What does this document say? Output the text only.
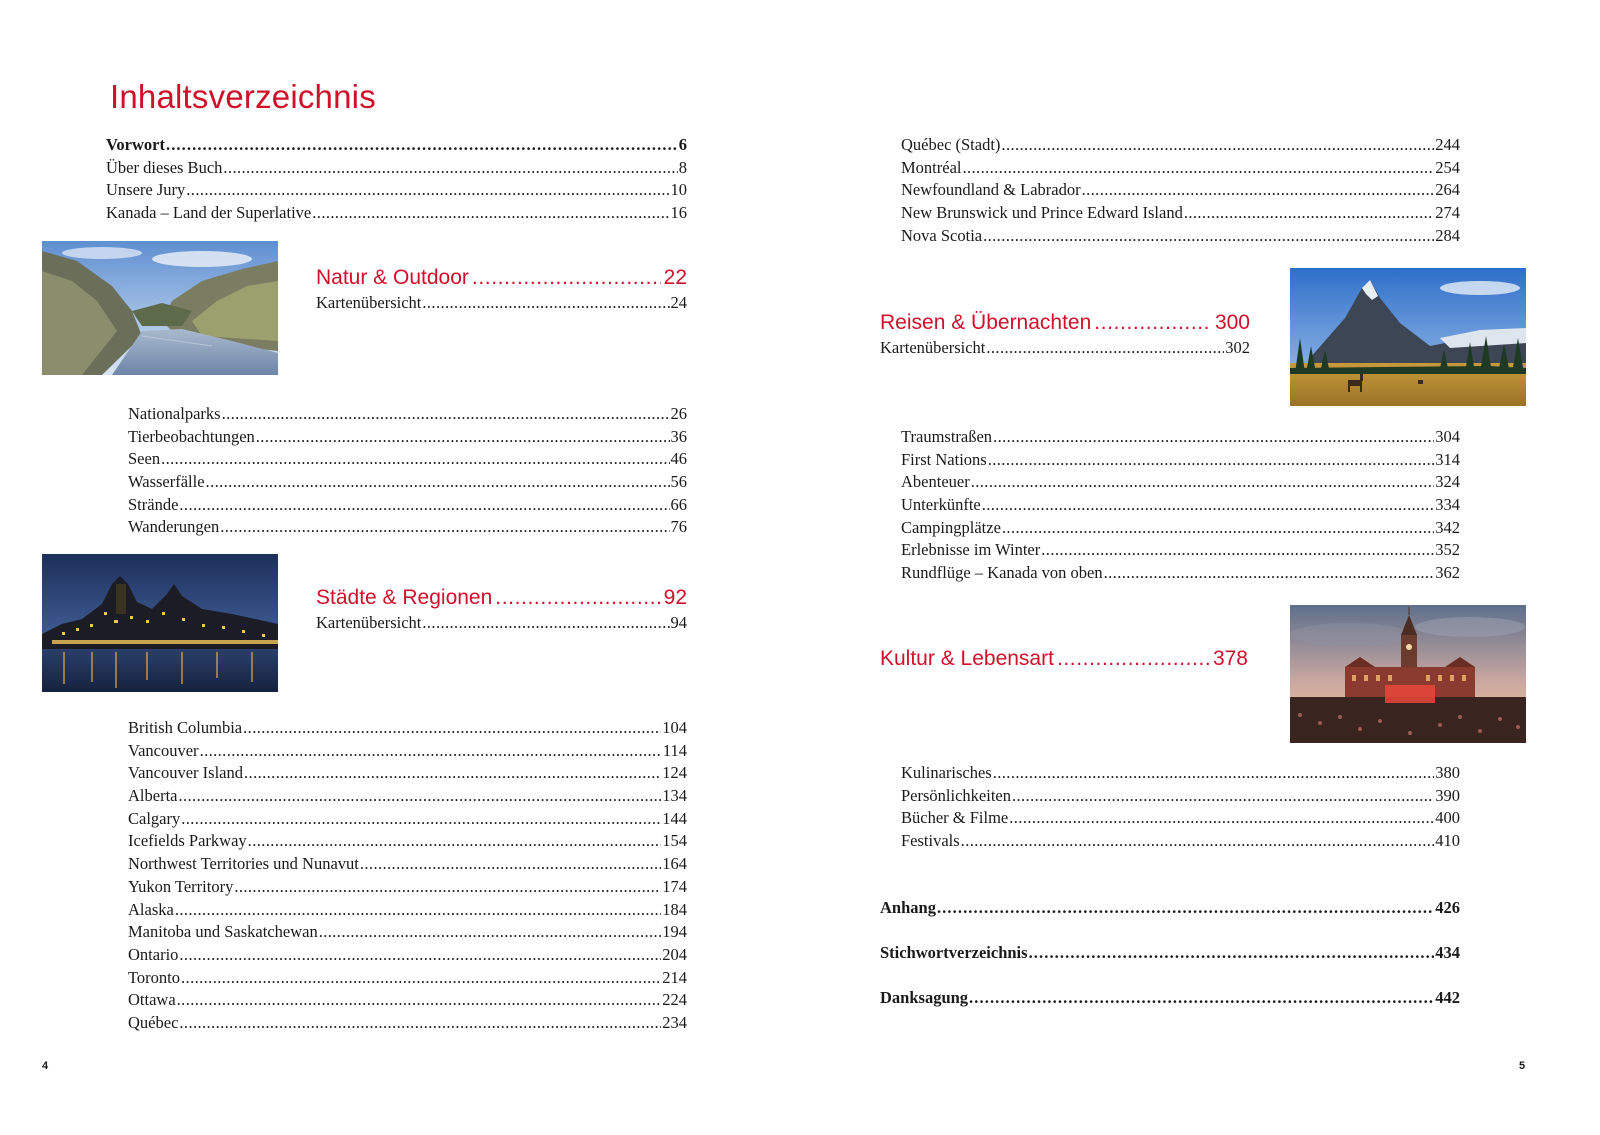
Inhaltsverzeichnis
Vorwort .....	6
Über dieses Buch .....	8
Unsere Jury .....	10
Kanada – Land der Superlative .....	16
Natur & Outdoor .....	22
Kartenübersicht .....	24
Nationalparks .....	26
Tierbeobachtungen .....	36
Seen .....	46
Wasserfälle .....	56
Strände .....	66
Wanderungen .....	76
Städte & Regionen .....	92
Kartenübersicht .....	94
British Columbia .....	104
Vancouver .....	114
Vancouver Island .....	124
Alberta .....	134
Calgary .....	144
Icefields Parkway .....	154
Northwest Territories und Nunavut .....	164
Yukon Territory .....	174
Alaska .....	184
Manitoba und Saskatchewan .....	194
Ontario .....	204
Toronto .....	214
Ottawa .....	224
Québec .....	234
4
Québec (Stadt) .....	244
Montréal .....	254
Newfoundland & Labrador .....	264
New Brunswick und Prince Edward Island .....	274
Nova Scotia .....	284
Reisen & Übernachten .....	300
Kartenübersicht .....	302
Traumstraßen .....	304
First Nations .....	314
Abenteuer .....	324
Unterkünfte .....	334
Campingplätze .....	342
Erlebnisse im Winter .....	352
Rundflüge – Kanada von oben .....	362
Kultur & Lebensart .....	378
Kulinarisches .....	380
Persönlichkeiten .....	390
Bücher & Filme .....	400
Festivals .....	410
Anhang .....	426
Stichwortverzeichnis .....	434
Danksagung .....	442
5
